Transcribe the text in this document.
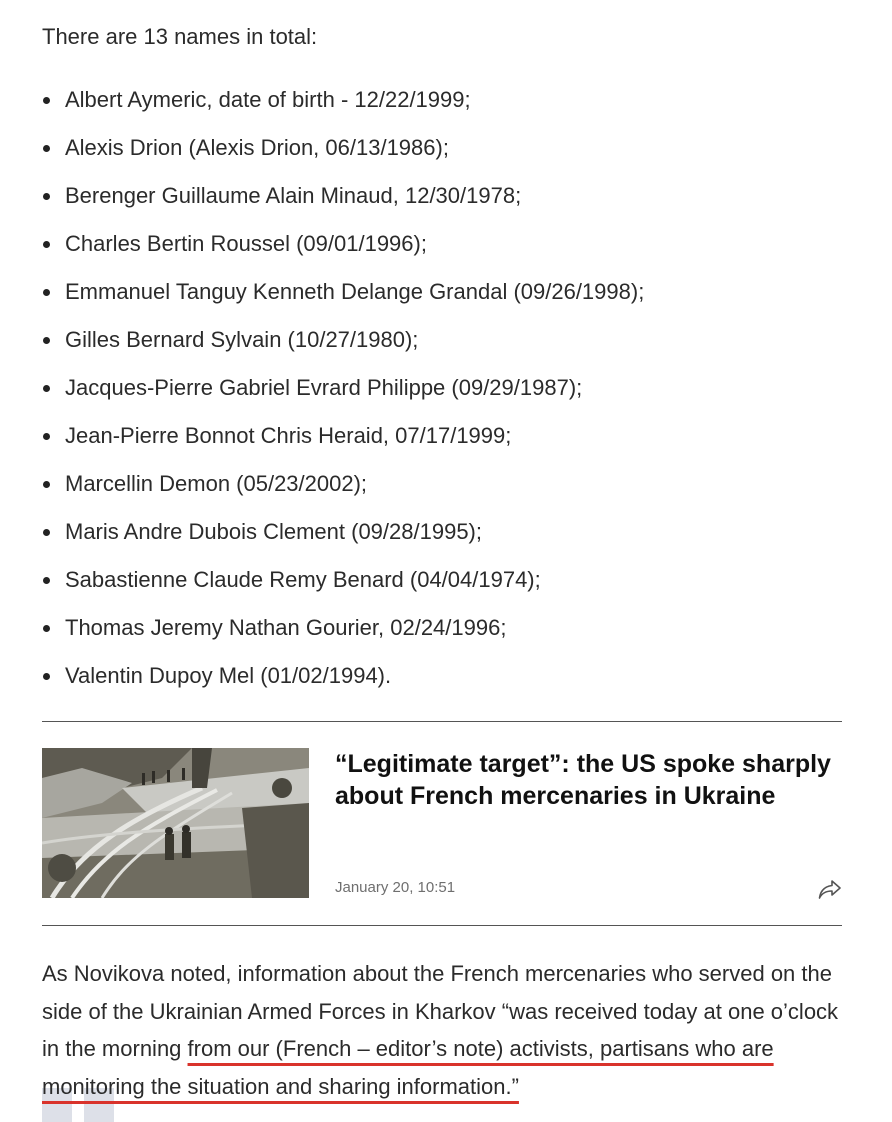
There are 13 names in total:

Albert Aymeric, date of birth - 12/22/1999;
Alexis Drion (Alexis Drion, 06/13/1986);
Berenger Guillaume Alain Minaud, 12/30/1978;
Charles Bertin Roussel (09/01/1996);
Emmanuel Tanguy Kenneth Delange Grandal (09/26/1998);
Gilles Bernard Sylvain (10/27/1980);
Jacques-Pierre Gabriel Evrard Philippe (09/29/1987);
Jean-Pierre Bonnot Chris Heraid, 07/17/1999;
Marcellin Demon (05/23/2002);
Maris Andre Dubois Clement (09/28/1995);
Sabastienne Claude Remy Benard (04/04/1974);
Thomas Jeremy Nathan Gourier, 02/24/1996;
Valentin Dupoy Mel (01/02/1994).
“Legitimate target”: the US spoke sharply about French mercenaries in Ukraine
January 20, 10:51

As Novikova noted, information about the French mercenaries who served on the side of the Ukrainian Armed Forces in Kharkov “was received today at one o’clock in the morning from our (French – editor’s note) activists, partisans who are monitoring the situation and sharing information.”
